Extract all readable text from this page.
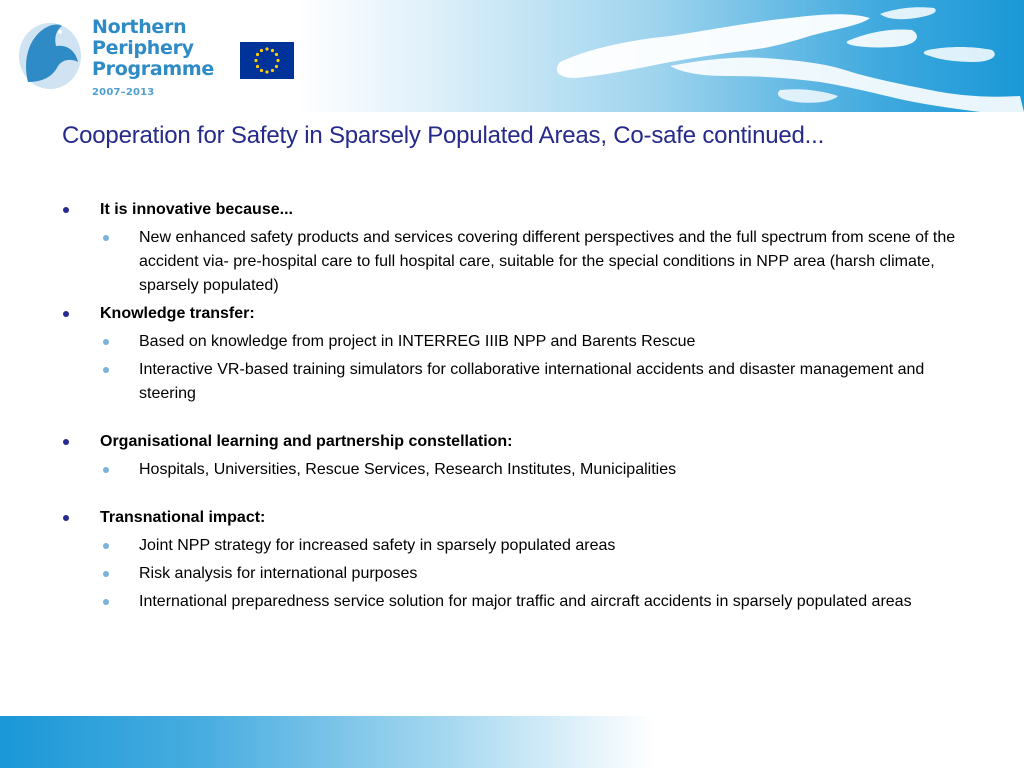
Northern
Periphery
Programme
2007–2013
Cooperation for Safety in Sparsely Populated Areas, Co-safe continued...
It is innovative because...
New enhanced safety products and services covering different perspectives and the full spectrum from scene of the accident via- pre-hospital care to full hospital care, suitable for the special conditions in NPP area (harsh climate, sparsely populated)
Knowledge transfer:
Based on knowledge from project in INTERREG IIIB NPP and Barents Rescue
Interactive VR-based training simulators for collaborative international accidents and disaster management and steering
Organisational learning and partnership constellation:
Hospitals, Universities, Rescue Services, Research Institutes, Municipalities
Transnational impact:
Joint NPP strategy for increased safety in sparsely populated areas
Risk analysis for international purposes
International preparedness service solution for major traffic and aircraft accidents in sparsely populated areas
